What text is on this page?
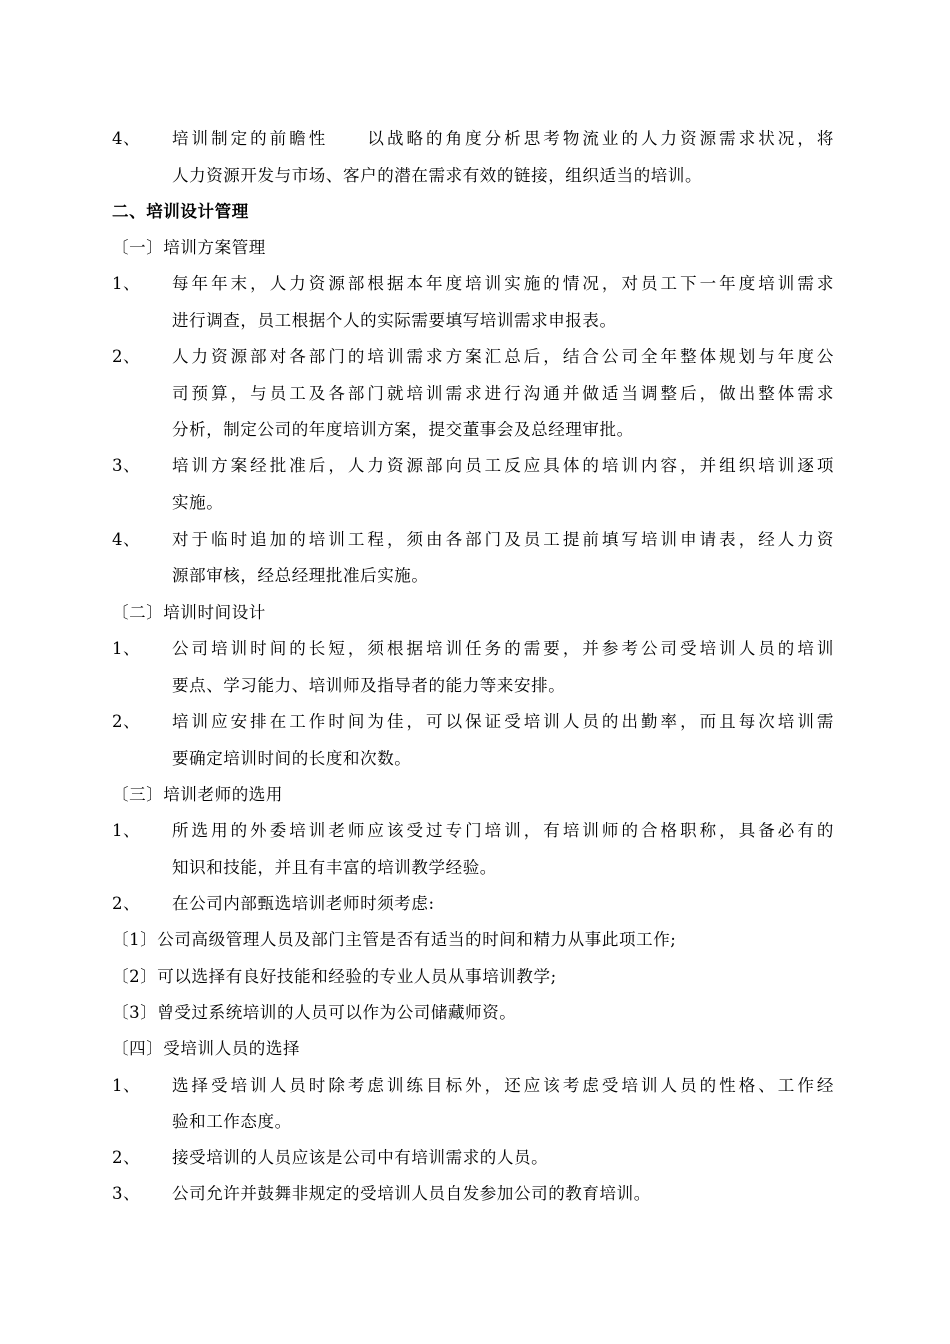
4、 培训制定的前瞻性　　以战略的角度分析思考物流业的人力资源需求状况，将
人力资源开发与市场、客户的潜在需求有效的链接，组织适当的培训。
二、培训设计管理
〔一〕培训方案管理
1、 每年年末，人力资源部根据本年度培训实施的情况，对员工下一年度培训需求
进行调查，员工根据个人的实际需要填写培训需求申报表。
2、 人力资源部对各部门的培训需求方案汇总后，结合公司全年整体规划与年度公
司预算，与员工及各部门就培训需求进行沟通并做适当调整后，做出整体需求
分析，制定公司的年度培训方案，提交董事会及总经理审批。
3、 培训方案经批准后，人力资源部向员工反应具体的培训内容，并组织培训逐项
实施。
4、 对于临时追加的培训工程，须由各部门及员工提前填写培训申请表，经人力资
源部审核，经总经理批准后实施。
〔二〕培训时间设计
1、 公司培训时间的长短，须根据培训任务的需要，并参考公司受培训人员的培训
要点、学习能力、培训师及指导者的能力等来安排。
2、 培训应安排在工作时间为佳，可以保证受培训人员的出勤率，而且每次培训需
要确定培训时间的长度和次数。
〔三〕培训老师的选用
1、 所选用的外委培训老师应该受过专门培训，有培训师的合格职称，具备必有的
知识和技能，并且有丰富的培训教学经验。
2、 在公司内部甄选培训老师时须考虑:
〔1〕公司高级管理人员及部门主管是否有适当的时间和精力从事此项工作;
〔2〕可以选择有良好技能和经验的专业人员从事培训教学;
〔3〕曾受过系统培训的人员可以作为公司储藏师资。
〔四〕受培训人员的选择
1、 选择受培训人员时除考虑训练目标外，还应该考虑受培训人员的性格、工作经
验和工作态度。
2、 接受培训的人员应该是公司中有培训需求的人员。
3、 公司允许并鼓舞非规定的受培训人员自发参加公司的教育培训。
